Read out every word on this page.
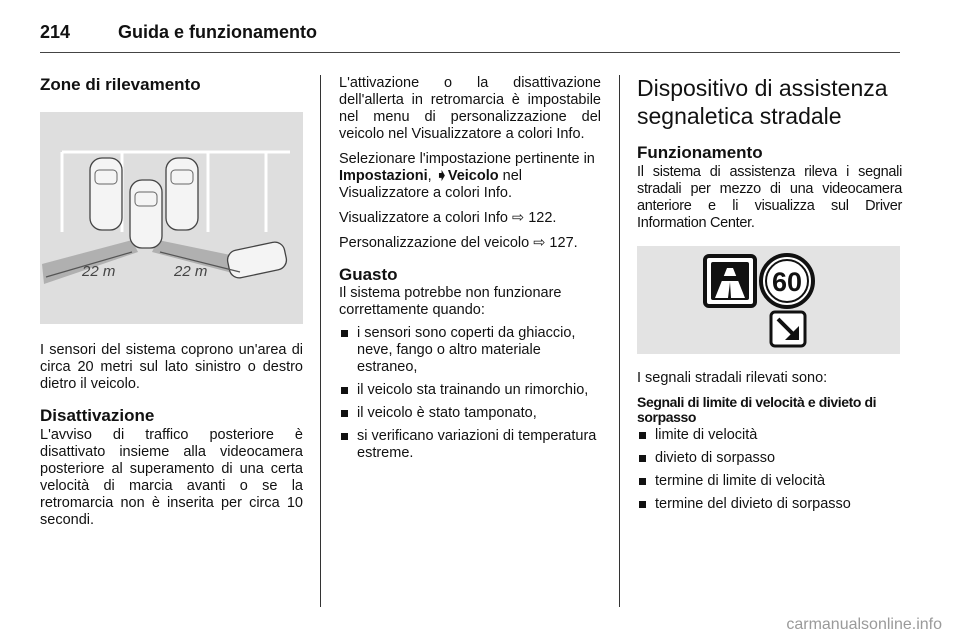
214	Guida e funzionamento
Zone di rilevamento
22 m	22 m

I sensori del sistema coprono un'area di circa 20 metri sul lato sinistro o destro dietro il veicolo.

Disattivazione

L'avviso di traffico posteriore è disattivato insieme alla videocamera posteriore al superamento di una certa velocità di marcia avanti o se la retromarcia non è inserita per circa 10 secondi.

L'attivazione o la disattivazione dell'allerta in retromarcia è impostabile nel menu di personalizzazione del veicolo nel Visualizzatore a colori Info.

Selezionare l'impostazione pertinente in Impostazioni, ➧Veicolo nel Visualizzatore a colori Info.

Visualizzatore a colori Info ⇨ 122.

Personalizzazione del veicolo ⇨ 127.

Guasto

Il sistema potrebbe non funzionare correttamente quando:

i sensori sono coperti da ghiaccio, neve, fango o altro materiale estraneo,
il veicolo sta trainando un rimorchio,
il veicolo è stato tamponato,
si verificano variazioni di temperatura estreme.
Dispositivo di assistenza segnaletica stradale
Funzionamento

Il sistema di assistenza rileva i segnali stradali per mezzo di una videocamera anteriore e li visualizza sul Driver Information Center.

60

I segnali stradali rilevati sono:

Segnali di limite di velocità e divieto di sorpasso

limite di velocità
divieto di sorpasso
termine di limite di velocità
termine del divieto di sorpasso
carmanualsonline.info
